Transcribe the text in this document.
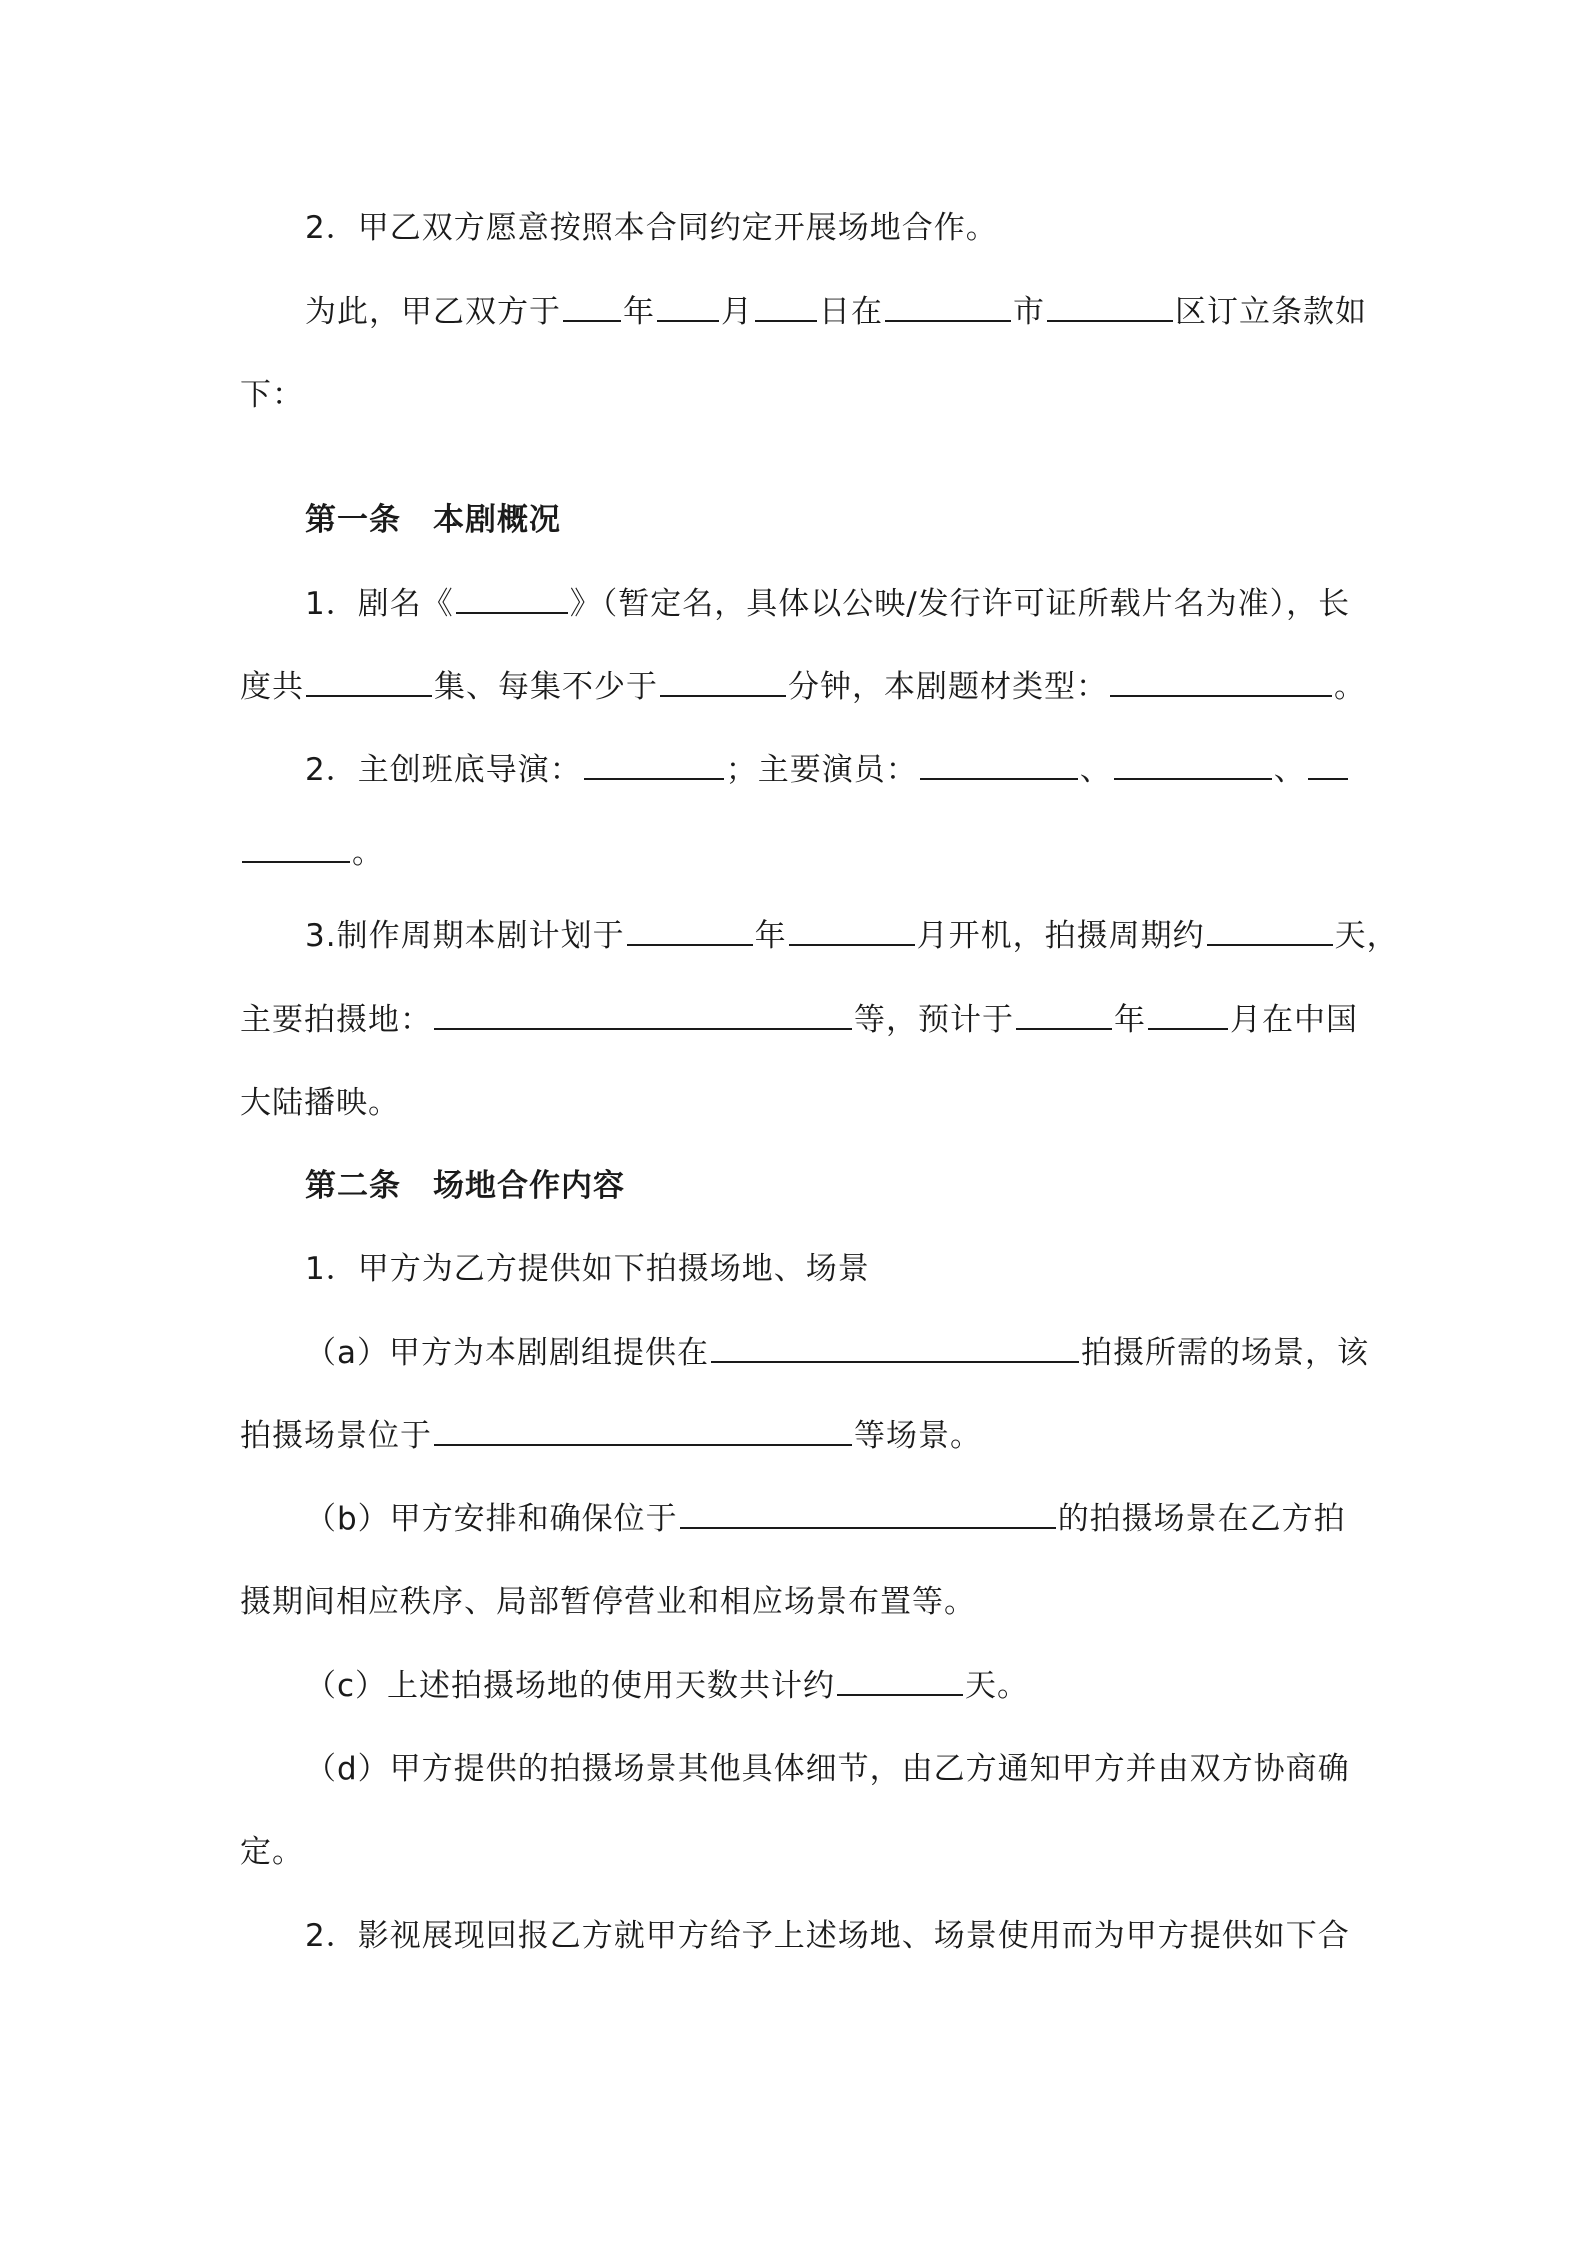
2．甲乙双方愿意按照本合同约定开展场地合作。
为此，甲乙双方于 年 月 日在	市	区订立条款如
下：
第一条　本剧概况
1．剧名《	》（暂定名，具体以公映/发行许可证所载片名为准），长
度共	集、每集不少于	分钟，本剧题材类型：	。
2．主创班底导演：	；主要演员：	、	、
。
3.制作周期本剧计划于	年	月开机，拍摄周期约	天，
主要拍摄地：	等，预计于	年	月在中国
大陆播映。
第二条　场地合作内容
1．甲方为乙方提供如下拍摄场地、场景
（a）甲方为本剧剧组提供在	拍摄所需的场景，该
拍摄场景位于	等场景。
（b）甲方安排和确保位于	的拍摄场景在乙方拍
摄期间相应秩序、局部暂停营业和相应场景布置等。
（c）上述拍摄场地的使用天数共计约	天。
（d）甲方提供的拍摄场景其他具体细节，由乙方通知甲方并由双方协商确
定。
2．影视展现回报乙方就甲方给予上述场地、场景使用而为甲方提供如下合
